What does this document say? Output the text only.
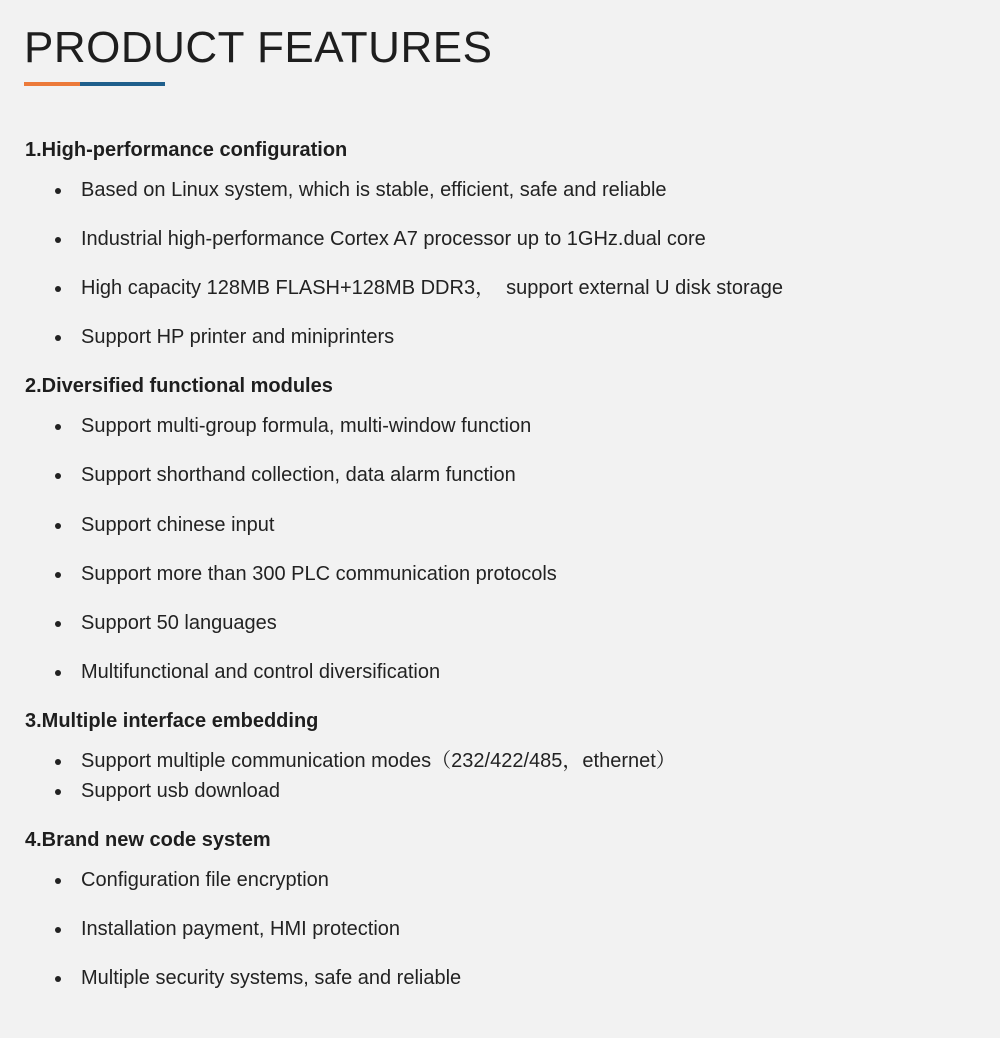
PRODUCT FEATURES
1.High-performance configuration

Based on Linux system, which is stable, efficient, safe and reliable

Industrial high-performance Cortex A7 processor up to 1GHz.dual core

High capacity 128MB FLASH+128MB DDR3，  support external U disk storage

Support HP printer and miniprinters

2.Diversified functional modules

Support multi-group formula, multi-window function

Support shorthand collection, data alarm function

Support chinese input

Support more than 300 PLC communication protocols

Support 50 languages

Multifunctional and control diversification

3.Multiple interface embedding

Support multiple communication modes（232/422/485，ethernet）

Support usb download

4.Brand new code system

Configuration file encryption

Installation payment, HMI protection

Multiple security systems, safe and reliable
